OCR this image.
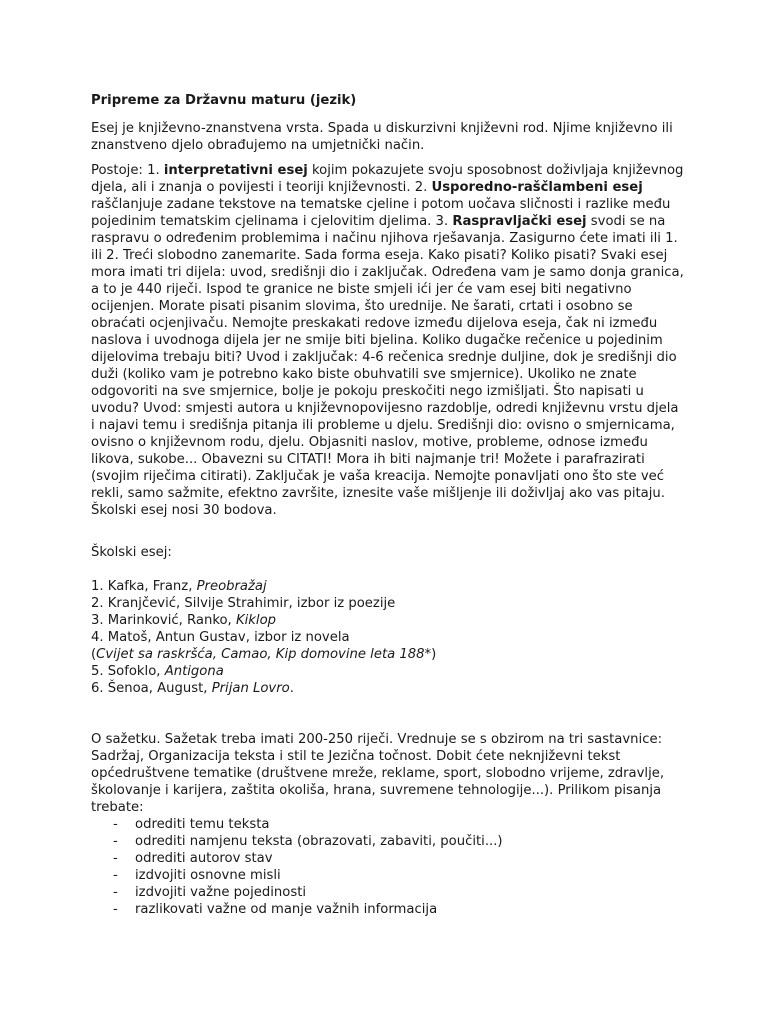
Pripreme za Državnu maturu (jezik)

Esej je književno-znanstvena vrsta. Spada u diskurzivni književni rod. Njime književno ili znanstveno djelo obrađujemo na umjetnički način.

Postoje: 1. interpretativni esej kojim pokazujete svoju sposobnost doživljaja književnog djela, ali i znanja o povijesti i teoriji književnosti. 2. Usporedno-raščlambeni esej raščlanjuje zadane tekstove na tematske cjeline i potom uočava sličnosti i razlike među pojedinim tematskim cjelinama i cjelovitim djelima. 3. Raspravljački esej svodi se na raspravu o određenim problemima i načinu njihova rješavanja. Zasigurno ćete imati ili 1. ili 2. Treći slobodno zanemarite. Sada forma eseja. Kako pisati? Koliko pisati? Svaki esej mora imati tri dijela: uvod, središnji dio i zaključak. Određena vam je samo donja granica, a to je 440 riječi. Ispod te granice ne biste smjeli ići jer će vam esej biti negativno ocijenjen. Morate pisati pisanim slovima, što urednije. Ne šarati, crtati i osobno se obraćati ocjenjivaču. Nemojte preskakati redove između dijelova eseja, čak ni između naslova i uvodnoga dijela jer ne smije biti bjelina. Koliko dugačke rečenice u pojedinim dijelovima trebaju biti? Uvod i zaključak: 4-6 rečenica srednje duljine, dok je središnji dio duži (koliko vam je potrebno kako biste obuhvatili sve smjernice). Ukoliko ne znate odgovoriti na sve smjernice, bolje je pokoju preskočiti nego izmišljati. Što napisati u uvodu? Uvod: smjesti autora u književnopovijesno razdoblje, odredi književnu vrstu djela i najavi temu i središnja pitanja ili probleme u djelu. Središnji dio: ovisno o smjernicama, ovisno o književnom rodu, djelu. Objasniti naslov, motive, probleme, odnose između likova, sukobe... Obavezni su CITATI! Mora ih biti najmanje tri! Možete i parafrazirati (svojim riječima citirati). Zaključak je vaša kreacija. Nemojte ponavljati ono što ste već rekli, samo sažmite, efektno završite, iznesite vaše mišljenje ili doživljaj ako vas pitaju. Školski esej nosi 30 bodova.

Školski esej:
1. Kafka, Franz, Preobražaj
2. Kranjčević, Silvije Strahimir, izbor iz poezije
3. Marinković, Ranko, Kiklop
4. Matoš, Antun Gustav, izbor iz novela
(Cvijet sa raskršća, Camao, Kip domovine leta 188*)
5. Sofoklo, Antigona
6. Šenoa, August, Prijan Lovro.
O sažetku. Sažetak treba imati 200-250 riječi. Vrednuje se s obzirom na tri sastavnice: Sadržaj, Organizacija teksta i stil te Jezična točnost. Dobit ćete neknjiževni tekst općedruštvene tematike (društvene mreže, reklame, sport, slobodno vrijeme, zdravlje, školovanje i karijera, zaštita okoliša, hrana, suvremene tehnologije...). Prilikom pisanja trebate:
- odrediti temu teksta
- odrediti namjenu teksta (obrazovati, zabaviti, poučiti...)
- odrediti autorov stav
- izdvojiti osnovne misli
- izdvojiti važne pojedinosti
- razlikovati važne od manje važnih informacija
